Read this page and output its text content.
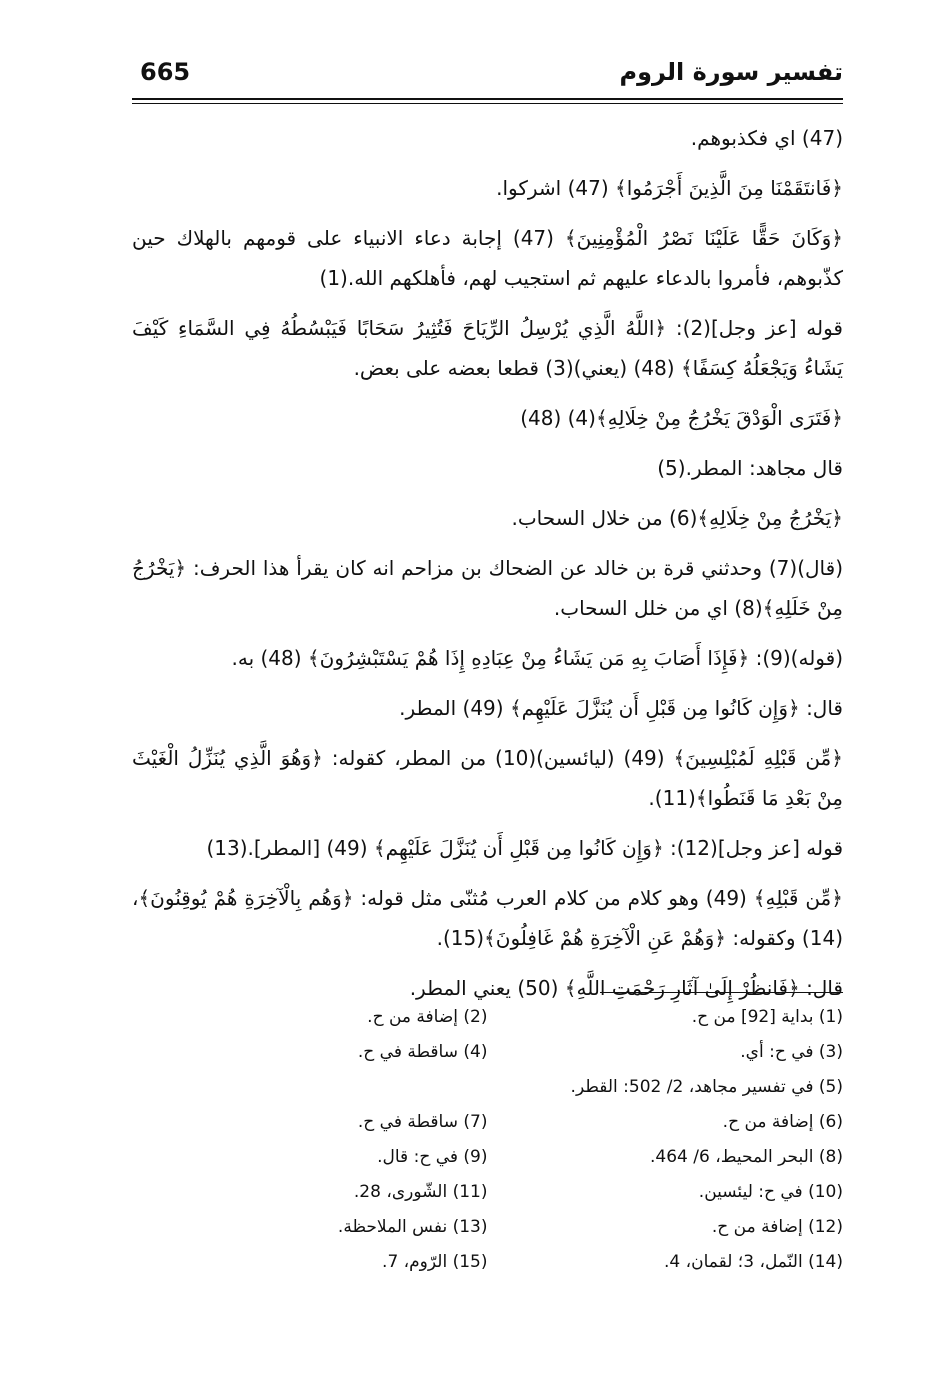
تفسير سورة الروم
665

(47) اي فكذبوهم.

﴿فَانتَقَمْنَا مِنَ الَّذِينَ أَجْرَمُوا﴾ (47) اشركوا.

﴿وَكَانَ حَقًّا عَلَيْنَا نَصْرُ الْمُؤْمِنِينَ﴾ (47) إجابة دعاء الانبياء على قومهم بالهلاك حين كذّبوهم، فأمروا بالدعاء عليهم ثم استجيب لهم، فأهلكهم الله.(1)

قوله [عز وجل](2): ﴿اللَّهُ الَّذِي يُرْسِلُ الرِّيَاحَ فَتُثِيرُ سَحَابًا فَيَبْسُطُهُ فِي السَّمَاءِ كَيْفَ يَشَاءُ وَيَجْعَلُهُ كِسَفًا﴾ (48) (يعني)(3) قطعا بعضه على بعض.

﴿فَتَرَى الْوَدْقَ يَخْرُجُ مِنْ خِلَالِهِ﴾(4) (48)

قال مجاهد: المطر.(5)

﴿يَخْرُجُ مِنْ خِلَالِهِ﴾(6) من خلال السحاب.

(قال)(7) وحدثني قرة بن خالد عن الضحاك بن مزاحم انه كان يقرأ هذا الحرف: ﴿يَخْرُجُ مِنْ خَلَلِهِ﴾(8) اي من خلل السحاب.

(قوله)(9): ﴿فَإِذَا أَصَابَ بِهِ مَن يَشَاءُ مِنْ عِبَادِهِ إِذَا هُمْ يَسْتَبْشِرُونَ﴾ (48) به.

قال: ﴿وَإِن كَانُوا مِن قَبْلِ أَن يُنَزَّلَ عَلَيْهِم﴾ (49) المطر.

﴿مِّن قَبْلِهِ لَمُبْلِسِينَ﴾ (49) (ليائسين)(10) من المطر، كقوله: ﴿وَهُوَ الَّذِي يُنَزِّلُ الْغَيْثَ مِنْ بَعْدِ مَا قَنَطُوا﴾(11).

قوله [عز وجل](12): ﴿وَإِن كَانُوا مِن قَبْلِ أَن يُنَزَّلَ عَلَيْهِم﴾ (49) [المطر].(13)

﴿مِّن قَبْلِهِ﴾ (49) وهو كلام من كلام العرب مُثنّى مثل قوله: ﴿وَهُم بِالْآخِرَةِ هُمْ يُوقِنُونَ﴾،(14) وكقوله: ﴿وَهُمْ عَنِ الْآخِرَةِ هُمْ غَافِلُونَ﴾(15).

قال: ﴿فَانظُرْ إِلَىٰ آثَارِ رَحْمَتِ اللَّهِ﴾ (50) يعني المطر.

(1) بداية [92] من ح.
(2) إضافة من ح.
(3) في ح: أي.
(4) ساقطة في ح.
(5) في تفسير مجاهد، 2/ 502: القطر.
(6) إضافة من ح.
(7) ساقطة في ح.
(8) البحر المحيط، 6/ 464.
(9) في ح: قال.
(10) في ح: ليئسين.
(11) الشّورى، 28.
(12) إضافة من ح.
(13) نفس الملاحظة.
(14) النّمل، 3؛ لقمان، 4.
(15) الرّوم، 7.
